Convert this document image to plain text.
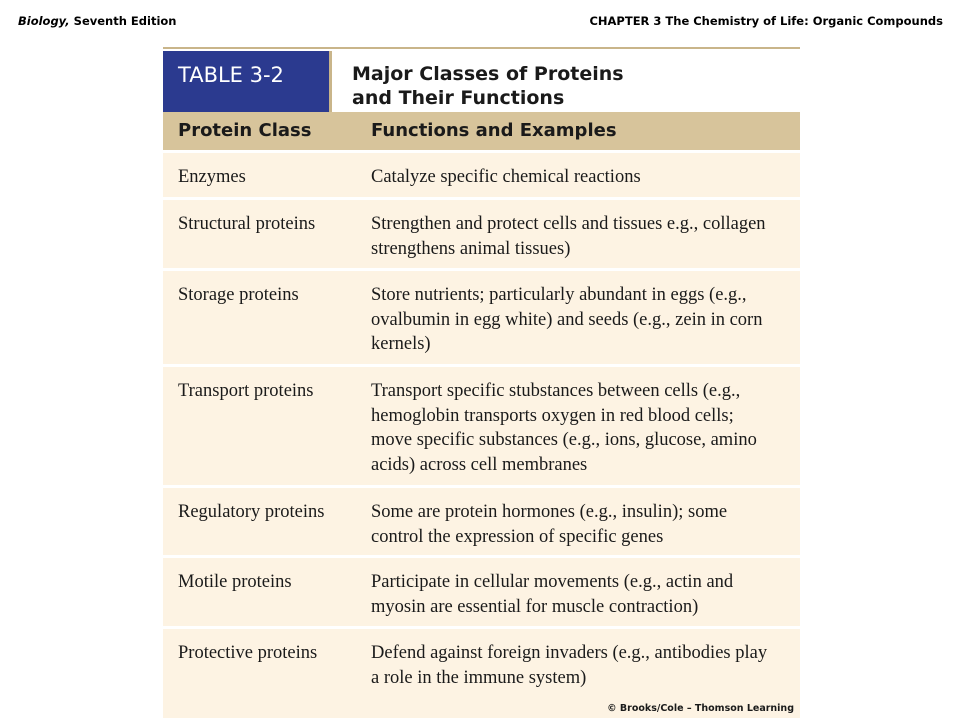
Biology, Seventh Edition	CHAPTER 3 The Chemistry of Life: Organic Compounds
TABLE 3-2	Major Classes of Proteins
and Their Functions
Protein Class	Functions and Examples
Enzymes	Catalyze specific chemical reactions
Structural proteins	Strengthen and protect cells and tissues e.g., collagen
strengthens animal tissues)
Storage proteins	Store nutrients; particularly abundant in eggs (e.g.,
ovalbumin in egg white) and seeds (e.g., zein in corn
kernels)
Transport proteins	Transport specific stubstances between cells (e.g.,
hemoglobin transports oxygen in red blood cells;
move specific substances (e.g., ions, glucose, amino
acids) across cell membranes
Regulatory proteins	Some are protein hormones (e.g., insulin); some
control the expression of specific genes
Motile proteins	Participate in cellular movements (e.g., actin and
myosin are essential for muscle contraction)
Protective proteins	Defend against foreign invaders (e.g., antibodies play
a role in the immune system)
© Brooks/Cole – Thomson Learning
